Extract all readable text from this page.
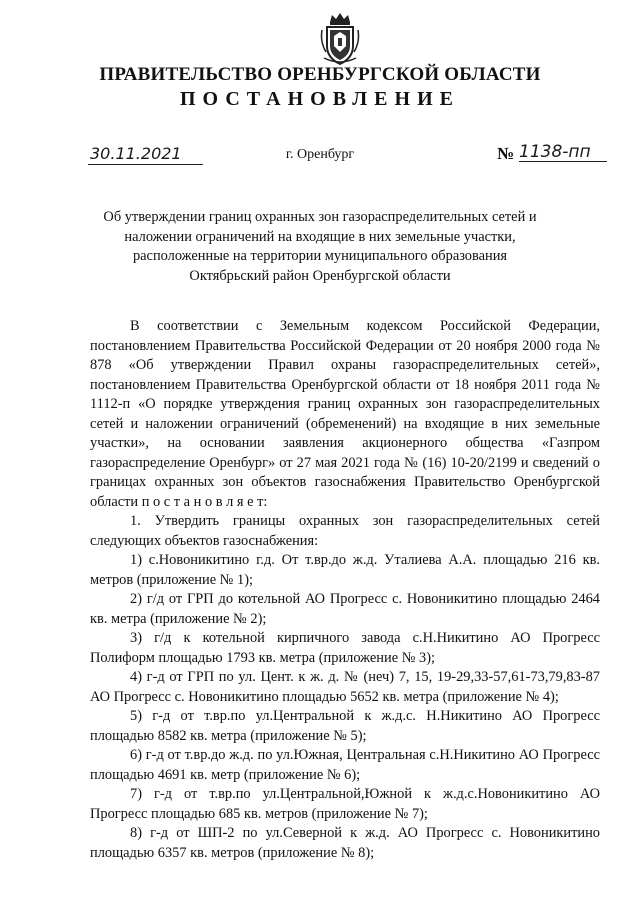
ПРАВИТЕЛЬСТВО ОРЕНБУРГСКОЙ ОБЛАСТИ
ПОСТАНОВЛЕНИЕ
30.11.2021	г. Оренбург	№ 1138-пп
Об утверждении границ охранных зон газораспределительных сетей и
наложении ограничений на входящие в них земельные участки,
расположенные на территории муниципального образования
Октябрьский район Оренбургской области

В соответствии с Земельным кодексом Российской Федерации, постановлением Правительства Российской Федерации от 20 ноября 2000 года № 878 «Об утверждении Правил охраны газораспределительных сетей», постановлением Правительства Оренбургской области от 18 ноября 2011 года № 1112-п «О порядке утверждения границ охранных зон газораспределительных сетей и наложении ограничений (обременений) на входящие в них земельные участки», на основании заявления акционерного общества «Газпром газораспределение Оренбург» от 27 мая 2021 года № (16) 10-20/2199 и сведений о границах охранных зон объектов газоснабжения Правительство Оренбургской области п о с т а н о в л я е т:

1. Утвердить границы охранных зон газораспределительных сетей следующих объектов газоснабжения:

1) с.Новоникитино г.д. От т.вр.до ж.д. Уталиева А.А. площадью 216 кв. метров (приложение № 1);

2) г/д от ГРП до котельной АО Прогресс с. Новоникитино площадью 2464 кв. метра (приложение № 2);

3) г/д к котельной кирпичного завода с.Н.Никитино АО Прогресс Полиформ площадью 1793 кв. метра (приложение № 3);

4) г-д от ГРП по ул. Цент. к ж. д. № (неч) 7, 15, 19-29,33-57,61-73,79,83-87 АО Прогресс с. Новоникитино площадью 5652 кв. метра (приложение № 4);

5) г-д от т.вр.по ул.Центральной к ж.д.с. Н.Никитино АО Прогресс площадью 8582 кв. метра (приложение № 5);

6) г-д от т.вр.до ж.д. по ул.Южная, Центральная с.Н.Никитино АО Прогресс площадью 4691 кв. метр (приложение № 6);

7) г-д от т.вр.по ул.Центральной,Южной к ж.д.с.Новоникитино АО Прогресс площадью 685 кв. метров (приложение № 7);

8) г-д от ШП-2 по ул.Северной к ж.д. АО Прогресс с. Новоникитино площадью 6357 кв. метров (приложение № 8);
